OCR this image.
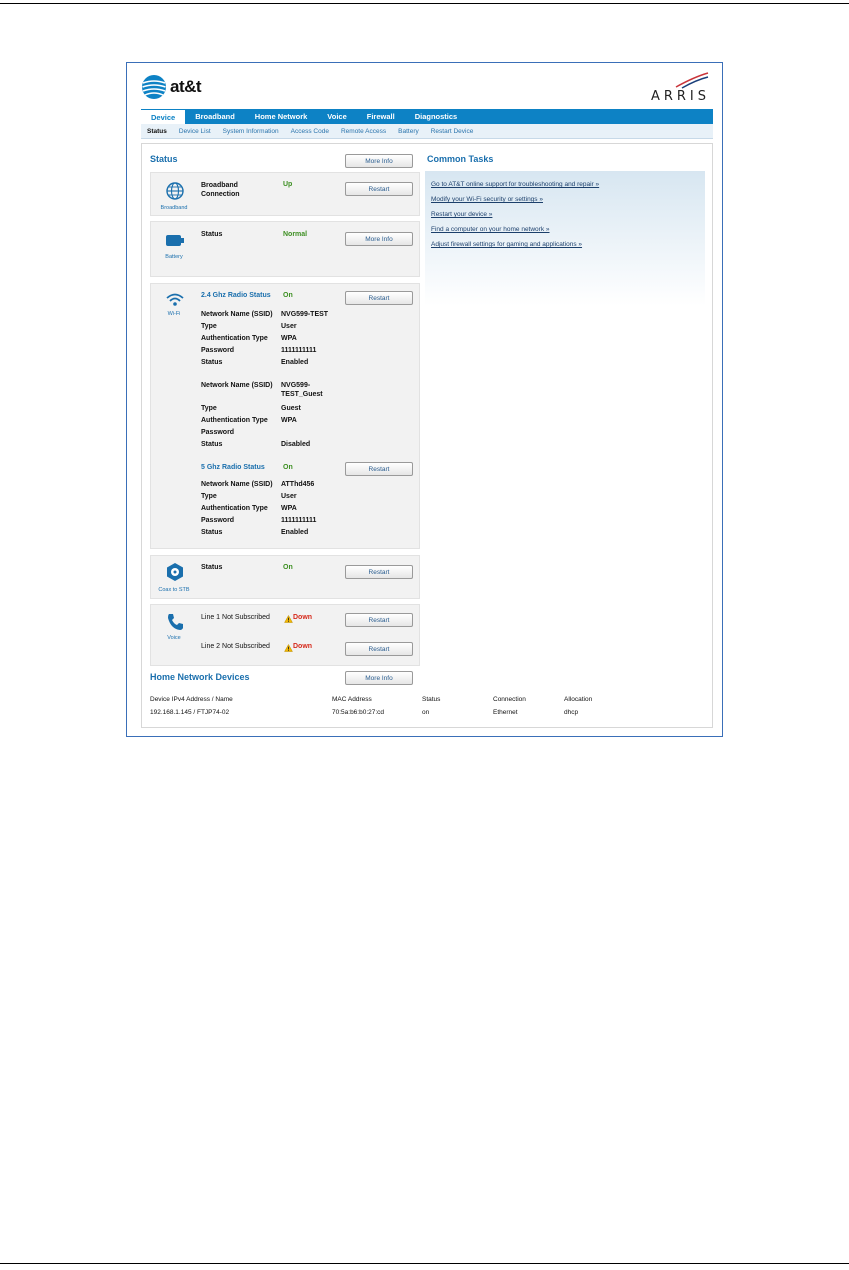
at&t
ARRIS
Device	Broadband	Home Network	Voice	Firewall	Diagnostics
Status	Device List	System Information	Access Code	Remote Access	Battery	Restart Device
Status	More Info
Broadband
Broadband Connection
Up
Restart
Battery
Status	Normal
More Info
Wi-Fi
2.4 Ghz Radio Status On	Restart
Network Name (SSID) NVG599-TEST
Type	User
Authentication Type WPA
Password	1111111111
Status	Enabled
Network Name (SSID) NVG599-
TEST_Guest
Type	Guest
Authentication Type WPA
Password
Status	Disabled
5 Ghz Radio Status	On	Restart
Network Name (SSID) ATThd456
Type	User
Authentication Type WPA
Password	1111111111
Status	Enabled
Coax to STB
Status	On
Restart
Voice
Line 1 Not Subscribed	Down	Restart
Line 2 Not Subscribed	Down	Restart
Common Tasks
Go to AT&T online support for troubleshooting and repair »
Modify your Wi-Fi security or settings »
Restart your device »
Find a computer on your home network »
Adjust firewall settings for gaming and applications »
Home Network Devices	More Info
Device IPv4 Address / Name	MAC Address	Status	Connection	Allocation
192.168.1.145 / FTJP74-02	70:5a:b6:b0:27:cd	on	Ethernet	dhcp
